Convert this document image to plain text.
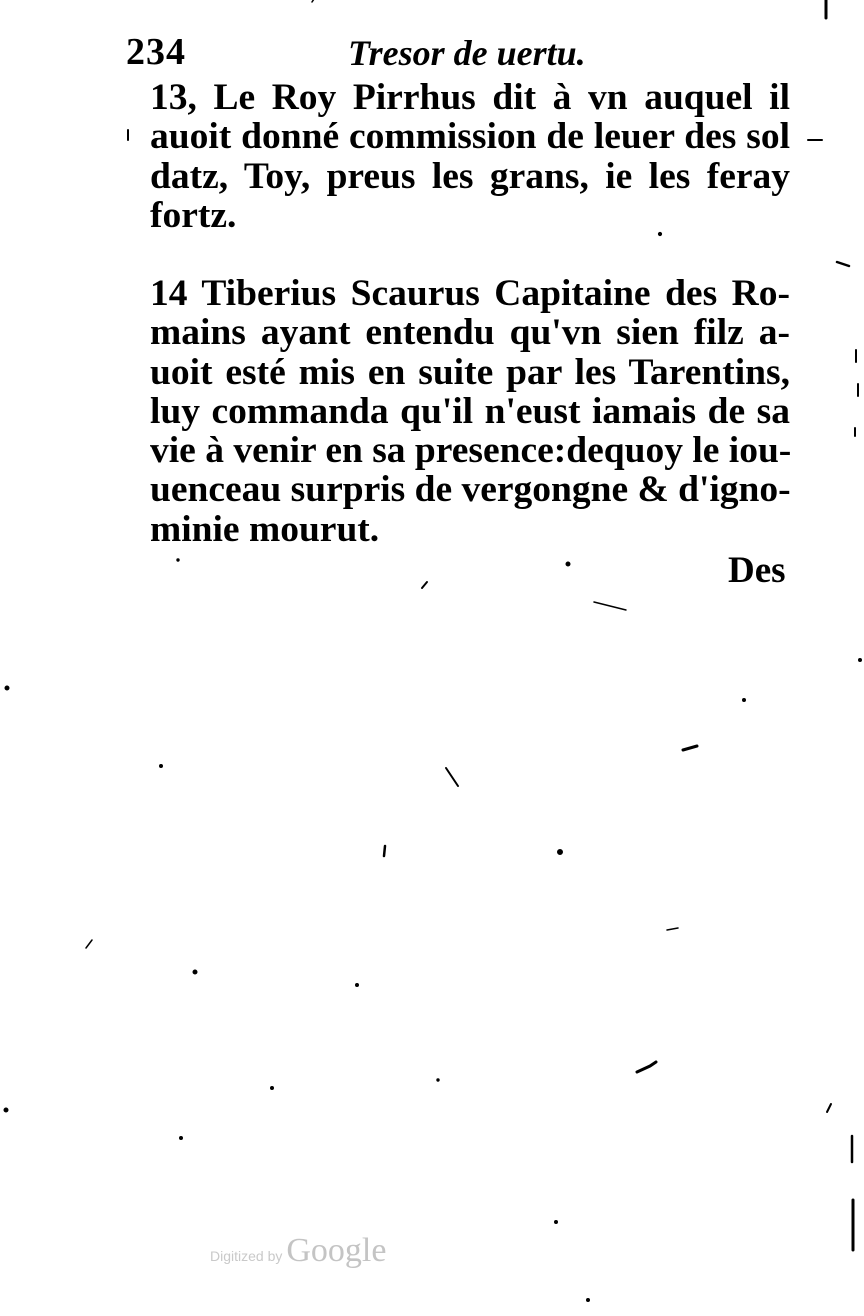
234	Tresor de uertu.
13, Le Roy Pirrhus dit à vn auquel il
auoit donné commission de leuer des sol
datz, Toy, preus les grans, ie les feray
fortz.
14 Tiberius Scaurus Capitaine des Ro-
mains ayant entendu qu'vn sien filz a-
uoit esté mis en suite par les Tarentins,
luy commanda qu'il n'eust iamais de sa
vie à venir en sa presence:dequoy le iou-
uenceau surpris de vergongne & d'igno-
minie mourut.
Des
Digitized by Google
